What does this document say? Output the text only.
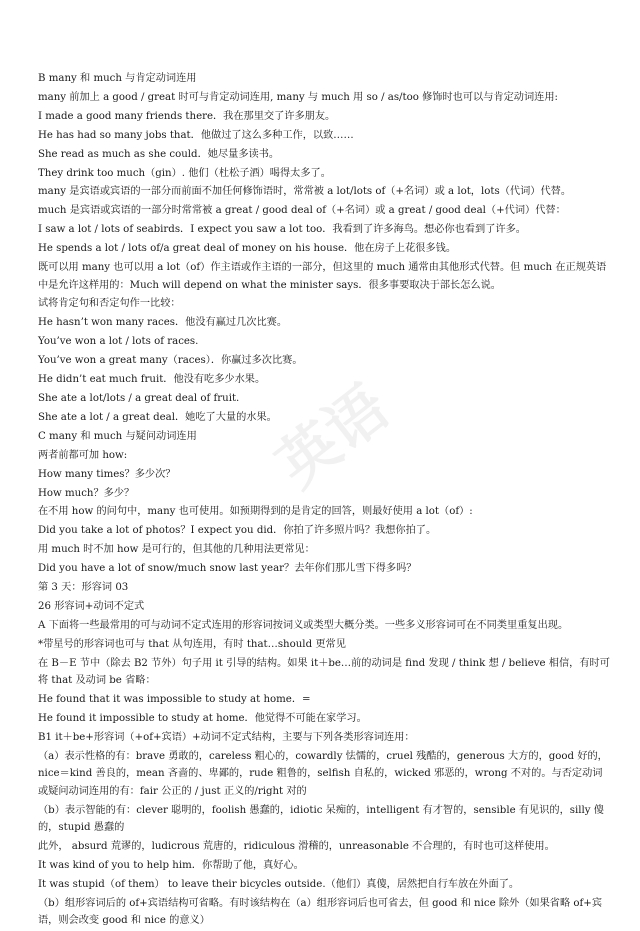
英语
B many 和 much 与肯定动词连用
many 前加上 a good / great 时可与肯定动词连用, many 与 much 用 so / as/too 修饰时也可以与肯定动词连用:
I made a good many friends there．我在那里交了许多朋友。
He has had so many jobs that．他做过了这么多种工作，以致……
She read as much as she could．她尽量多读书。
They drink too much（gin）. 他们（杜松子酒）喝得太多了。
many 是宾语或宾语的一部分而前面不加任何修饰语时，常常被 a lot/lots of（+名词）或 a lot，lots（代词）代替。
much 是宾语或宾语的一部分时常常被 a great / good deal of（+名词）或 a great / good deal（+代词）代替：
I saw a lot / lots of seabirds．I expect you saw a lot too．我看到了许多海鸟。想必你也看到了许多。
He spends a lot / lots of/a great deal of money on his house．他在房子上花很多钱。
既可以用 many 也可以用 a lot（of）作主语或作主语的一部分，但这里的 much 通常由其他形式代替。但 much 在正规英语中是允许这样用的：Much will depend on what the minister says．很多事要取决于部长怎么说。
试将肯定句和否定句作一比较：
He hasn’t won many races．他没有赢过几次比赛。
You’ve won a lot / lots of races.
You’ve won a great many（races）．你赢过多次比赛。
He didn’t eat much fruit．他没有吃多少水果。
She ate a lot/lots / a great deal of fruit.
She ate a lot / a great deal．她吃了大量的水果。
C many 和 much 与疑问动词连用
两者前都可加 how:
How many times？多少次？
How much？多少？
在不用 how 的问句中，many 也可使用。如预期得到的是肯定的回答，则最好使用 a lot（of）:
Did you take a lot of photos？I expect you did．你拍了许多照片吗？我想你拍了。
用 much 时不加 how 是可行的，但其他的几种用法更常见：
Did you have a lot of snow/much snow last year？去年你们那儿雪下得多吗？
第 3 天：形容词 03
26 形容词+动词不定式
A 下面将一些最常用的可与动词不定式连用的形容词按词义或类型大概分类。一些多义形容词可在不同类里重复出现。
*带星号的形容词也可与 that 从句连用，有时 that…should 更常见
在 B－E 节中（除去 B2 节外）句子用 it 引导的结构。如果 it＋be…前的动词是 find 发现 / think 想 / believe 相信，有时可将 that 及动词 be 省略：
He found that it was impossible to study at home．=
He found it impossible to study at home．他觉得不可能在家学习。
B1 it＋be+形容词（+of+宾语）+动词不定式结构，主要与下列各类形容词连用：
（a）表示性格的有：brave 勇敢的，careless 粗心的，cowardly 怯懦的，cruel 残酷的，generous 大方的，good 好的，nice＝kind 善良的，mean 吝啬的、卑鄙的，rude 粗鲁的，selfish 自私的，wicked 邪恶的，wrong 不对的。与否定动词或疑问动词连用的有：fair 公正的 / just 正义的/right 对的
（b）表示智能的有：clever 聪明的，foolish 愚蠢的，idiotic 呆痴的，intelligent 有才智的，sensible 有见识的，silly 傻的，stupid 愚蠢的
此外， absurd 荒谬的，ludicrous 荒唐的，ridiculous 滑稽的，unreasonable 不合理的，有时也可这样使用。
It was kind of you to help him．你帮助了他，真好心。
It was stupid（of them） to leave their bicycles outside.（他们）真傻，居然把自行车放在外面了。
（b）组形容词后的 of+宾语结构可省略。有时该结构在（a）组形容词后也可省去，但 good 和 nice 除外（如果省略 of+宾语，则会改变 good 和 nice 的意义）
